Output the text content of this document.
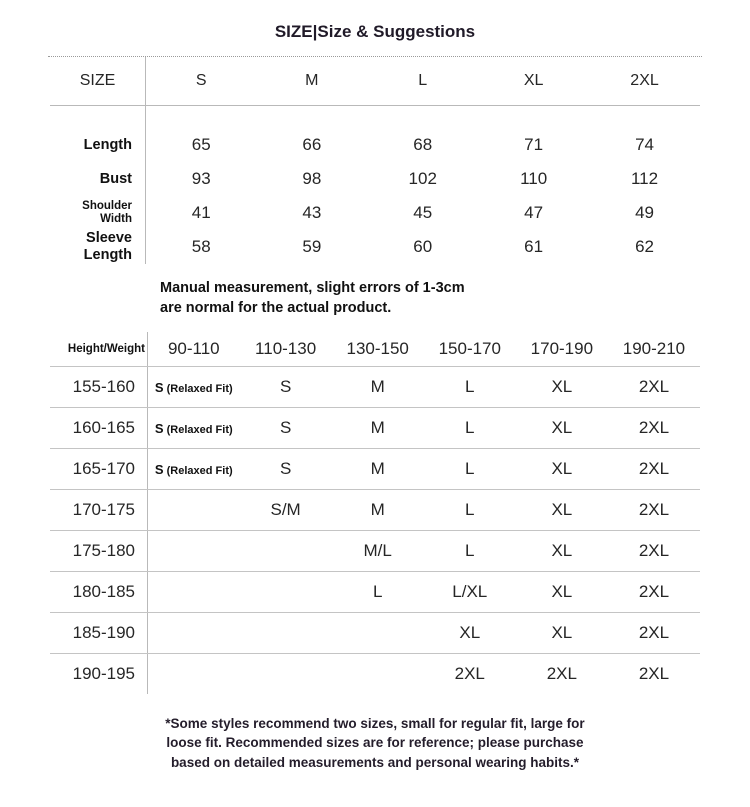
SIZE|Size & Suggestions
SIZE	S	M	L	XL	2XL

Length	65	66	68	71	74
Bust	93	98	102	110	112
Shoulder
Width	41	43	45	47	49
Sleeve
Length	58	59	60	61	62
Manual measurement, slight errors of 1-3cm
are normal for the actual product.
Height/Weight	90-110	110-130	130-150	150-170	170-190	190-210
155-160	S (Relaxed Fit)	S	M	L	XL	2XL
160-165	S (Relaxed Fit)	S	M	L	XL	2XL
165-170	S (Relaxed Fit)	S	M	L	XL	2XL
170-175		S/M	M	L	XL	2XL
175-180			M/L	L	XL	2XL
180-185			L	L/XL	XL	2XL
185-190				XL	XL	2XL
190-195				2XL	2XL	2XL
*Some styles recommend two sizes, small for regular fit, large for
loose fit. Recommended sizes are for reference; please purchase
based on detailed measurements and personal wearing habits.*
